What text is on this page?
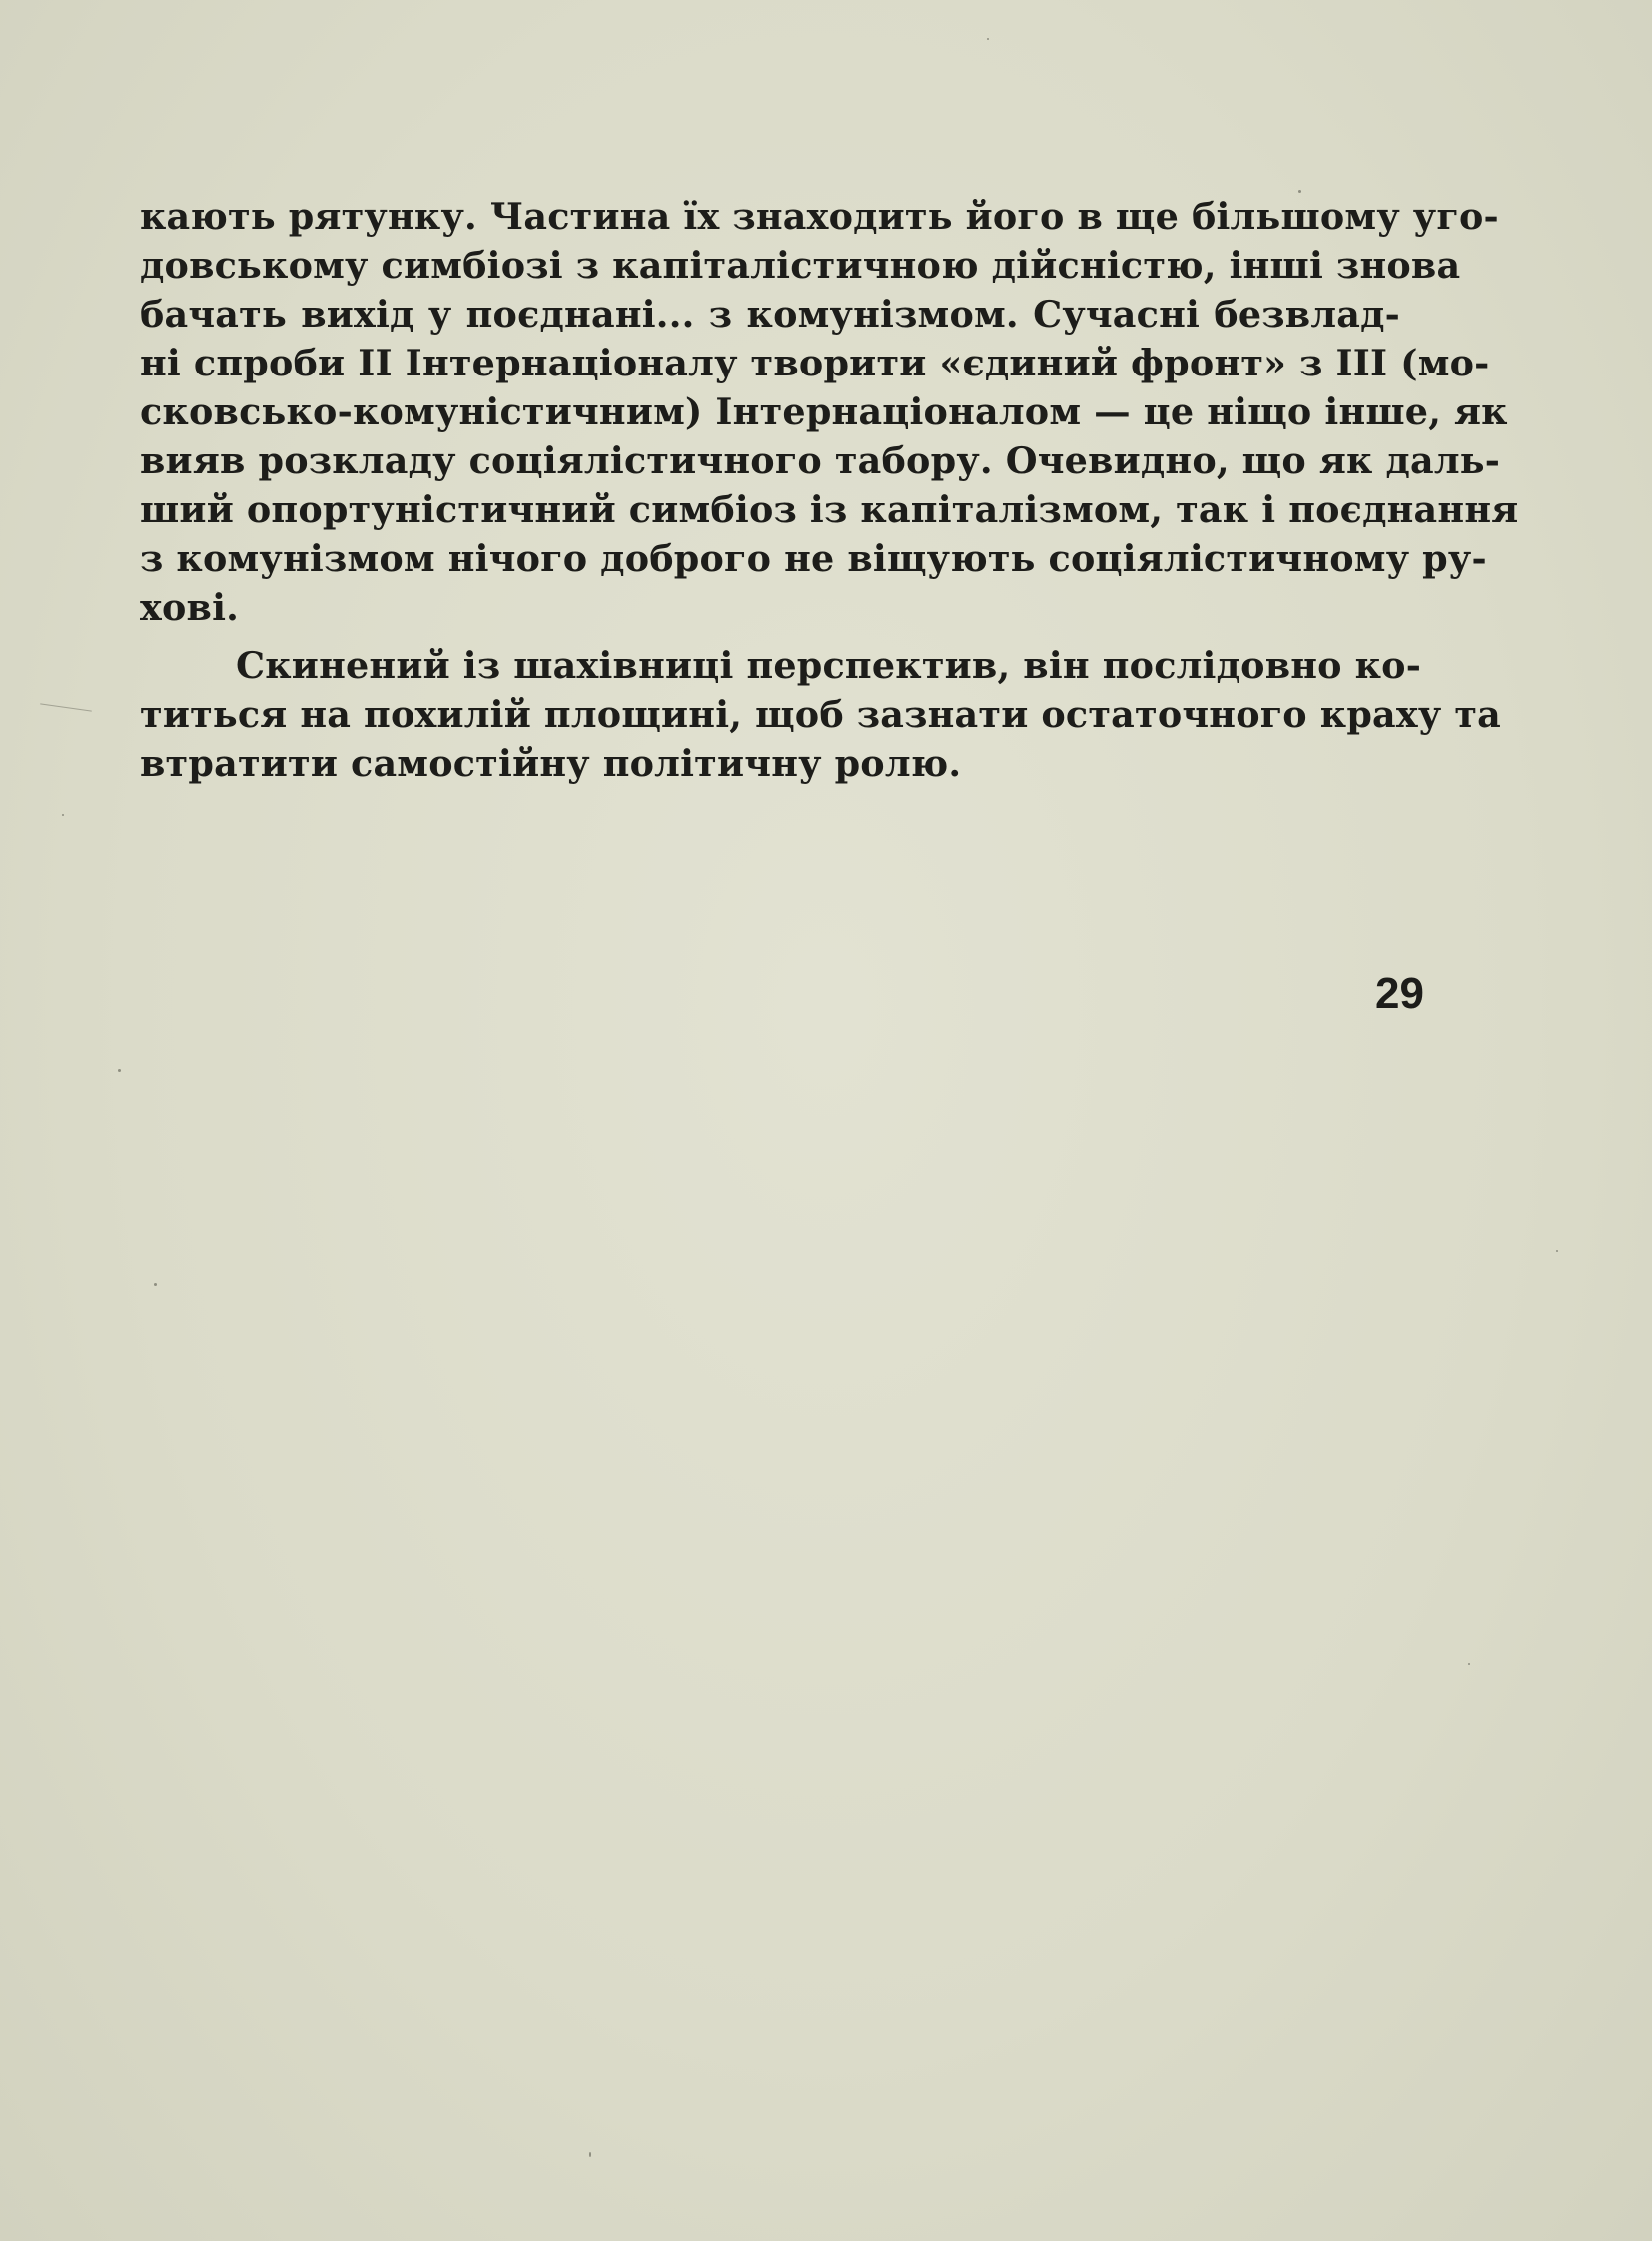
кають рятунку. Частина їх знаходить його в ще більшому уго-
довському симбіозі з капіталістичною дійсністю, інші знова
бачать вихід у поєднані... з комунізмом. Сучасні безвлад-
ні спроби II Інтернаціоналу творити «єдиний фронт» з III (мо-
сковсько-комуністичним) Інтернаціоналом — це ніщо інше, як
вияв розкладу соціялістичного табору. Очевидно, що як даль-
ший опортуністичний симбіоз із капіталізмом, так і поєднання
з комунізмом нічого доброго не віщують соціялістичному ру-
хові.
Скинений із шахівниці перспектив, він послідовно ко-
титься на похилій площині, щоб зазнати остаточного краху та
втратити самостійну політичну ролю.
29
